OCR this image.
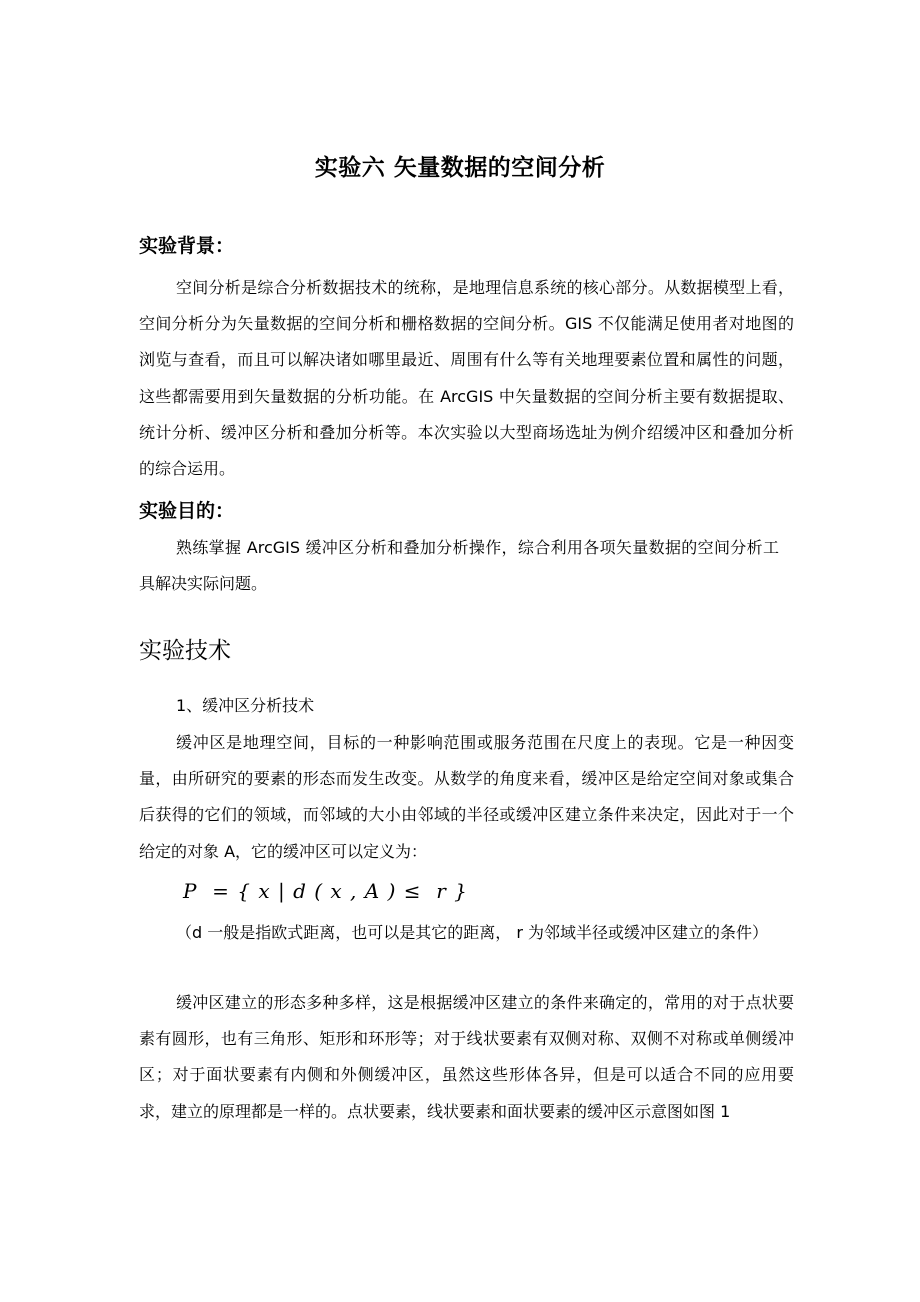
实验六 矢量数据的空间分析
实验背景：

空间分析是综合分析数据技术的统称，是地理信息系统的核心部分。从数据模型上看，空间分析分为矢量数据的空间分析和栅格数据的空间分析。GIS 不仅能满足使用者对地图的浏览与查看，而且可以解决诸如哪里最近、周围有什么等有关地理要素位置和属性的问题，这些都需要用到矢量数据的分析功能。在 ArcGIS 中矢量数据的空间分析主要有数据提取、统计分析、缓冲区分析和叠加分析等。本次实验以大型商场选址为例介绍缓冲区和叠加分析的综合运用。

实验目的：

熟练掌握 ArcGIS 缓冲区分析和叠加分析操作，综合利用各项矢量数据的空间分析工具解决实际问题。

实验技术
1、缓冲区分析技术

缓冲区是地理空间，目标的一种影响范围或服务范围在尺度上的表现。它是一种因变量，由所研究的要素的形态而发生改变。从数学的角度来看，缓冲区是给定空间对象或集合后获得的它们的领域，而邻域的大小由邻域的半径或缓冲区建立条件来决定，因此对于一个给定的对象 A，它的缓冲区可以定义为：

P  = { x | d ( x , A ) ≤  r }

（d 一般是指欧式距离，也可以是其它的距离， r 为邻域半径或缓冲区建立的条件）

缓冲区建立的形态多种多样，这是根据缓冲区建立的条件来确定的，常用的对于点状要素有圆形，也有三角形、矩形和环形等；对于线状要素有双侧对称、双侧不对称或单侧缓冲区；对于面状要素有内侧和外侧缓冲区，虽然这些形体各异，但是可以适合不同的应用要求，建立的原理都是一样的。点状要素，线状要素和面状要素的缓冲区示意图如图 1
